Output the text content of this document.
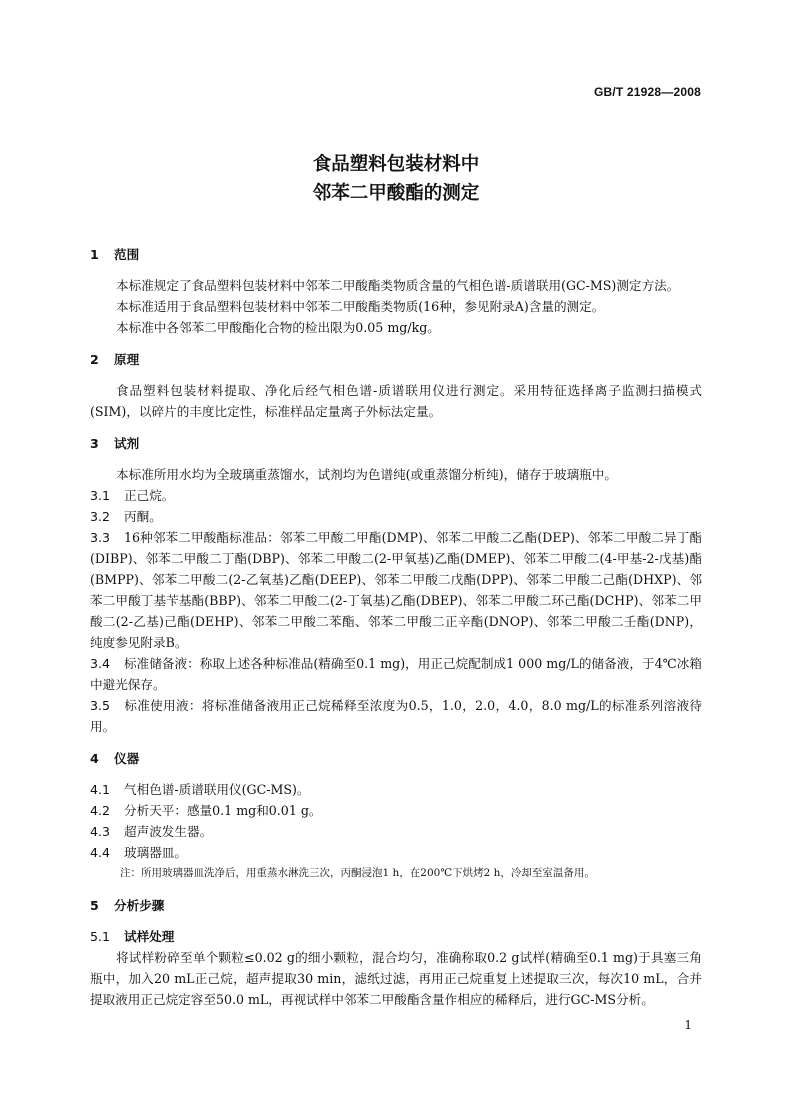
GB/T 21928—2008
食品塑料包装材料中
邻苯二甲酸酯的测定
1 范围

本标准规定了食品塑料包装材料中邻苯二甲酸酯类物质含量的气相色谱-质谱联用(GC-MS)测定方法。

本标准适用于食品塑料包装材料中邻苯二甲酸酯类物质(16种，参见附录A)含量的测定。

本标准中各邻苯二甲酸酯化合物的检出限为0.05 mg/kg。

2 原理

食品塑料包装材料提取、净化后经气相色谱-质谱联用仪进行测定。采用特征选择离子监测扫描模式(SIM)，以碎片的丰度比定性，标准样品定量离子外标法定量。

3 试剂

本标准所用水均为全玻璃重蒸馏水，试剂均为色谱纯(或重蒸馏分析纯)，储存于玻璃瓶中。

3.1 正己烷。

3.2 丙酮。

3.3 16种邻苯二甲酸酯标准品：邻苯二甲酸二甲酯(DMP)、邻苯二甲酸二乙酯(DEP)、邻苯二甲酸二异丁酯(DIBP)、邻苯二甲酸二丁酯(DBP)、邻苯二甲酸二(2-甲氧基)乙酯(DMEP)、邻苯二甲酸二(4-甲基-2-戊基)酯(BMPP)、邻苯二甲酸二(2-乙氧基)乙酯(DEEP)、邻苯二甲酸二戊酯(DPP)、邻苯二甲酸二己酯(DHXP)、邻苯二甲酸丁基苄基酯(BBP)、邻苯二甲酸二(2-丁氧基)乙酯(DBEP)、邻苯二甲酸二环己酯(DCHP)、邻苯二甲酸二(2-乙基)己酯(DEHP)、邻苯二甲酸二苯酯、邻苯二甲酸二正辛酯(DNOP)、邻苯二甲酸二壬酯(DNP)，纯度参见附录B。

3.4 标准储备液：称取上述各种标准品(精确至0.1 mg)，用正己烷配制成1 000 mg/L的储备液，于4℃冰箱中避光保存。

3.5 标准使用液：将标准储备液用正己烷稀释至浓度为0.5，1.0，2.0，4.0，8.0 mg/L的标准系列溶液待用。

4 仪器

4.1 气相色谱-质谱联用仪(GC-MS)。

4.2 分析天平：感量0.1 mg和0.01 g。

4.3 超声波发生器。

4.4 玻璃器皿。

注：所用玻璃器皿洗净后，用重蒸水淋洗三次，丙酮浸泡1 h，在200℃下烘烤2 h，冷却至室温备用。

5 分析步骤

5.1 试样处理

将试样粉碎至单个颗粒≤0.02 g的细小颗粒，混合均匀，准确称取0.2 g试样(精确至0.1 mg)于具塞三角瓶中，加入20 mL正己烷，超声提取30 min，滤纸过滤，再用正己烷重复上述提取三次，每次10 mL，合并提取液用正己烷定容至50.0 mL，再视试样中邻苯二甲酸酯含量作相应的稀释后，进行GC-MS分析。

1
